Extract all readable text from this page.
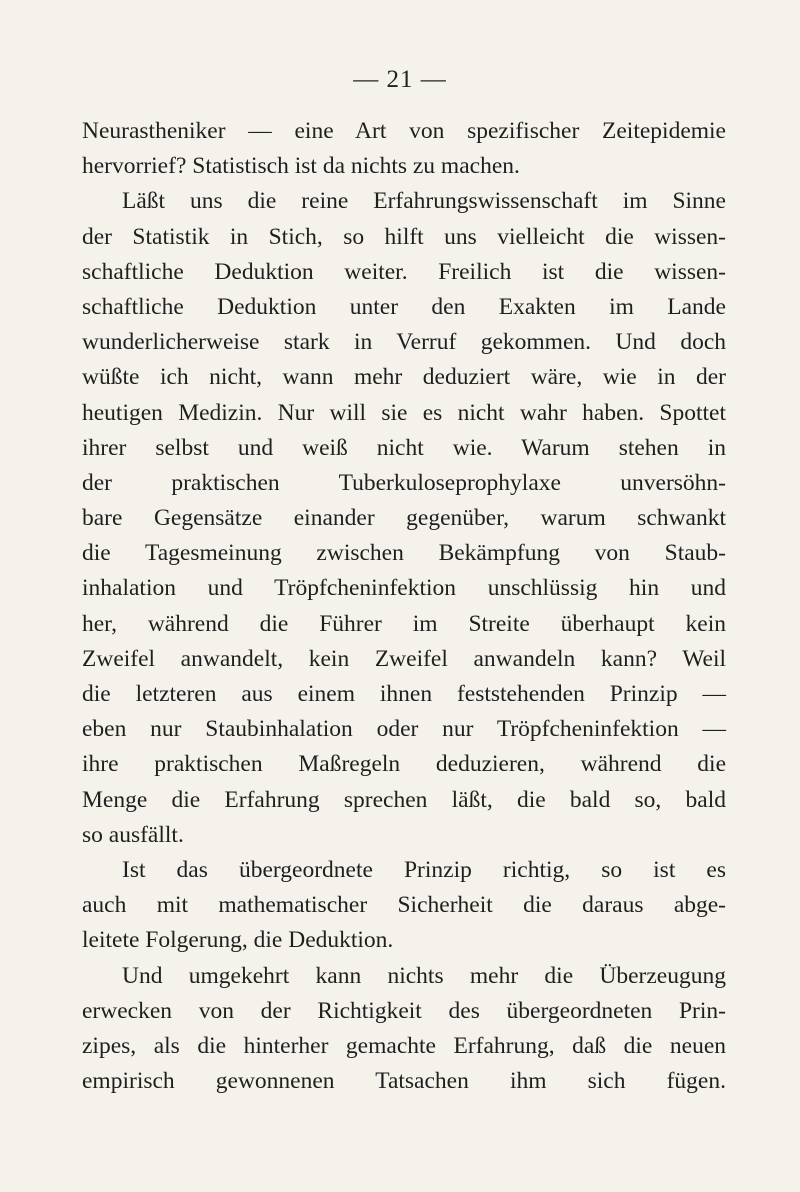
— 21 —
Neurastheniker — eine Art von spezifischer Zeitepidemie
hervorrief? Statistisch ist da nichts zu machen.
Läßt uns die reine Erfahrungswissenschaft im Sinne
der Statistik in Stich, so hilft uns vielleicht die wissen-
schaftliche Deduktion weiter. Freilich ist die wissen-
schaftliche Deduktion unter den Exakten im Lande
wunderlicherweise stark in Verruf gekommen. Und doch
wüßte ich nicht, wann mehr deduziert wäre, wie in der
heutigen Medizin. Nur will sie es nicht wahr haben. Spottet
ihrer selbst und weiß nicht wie. Warum stehen in
der praktischen Tuberkuloseprophylaxe unversöhn-
bare Gegensätze einander gegenüber, warum schwankt
die Tagesmeinung zwischen Bekämpfung von Staub-
inhalation und Tröpfcheninfektion unschlüssig hin und
her, während die Führer im Streite überhaupt kein
Zweifel anwandelt, kein Zweifel anwandeln kann? Weil
die letzteren aus einem ihnen feststehenden Prinzip —
eben nur Staubinhalation oder nur Tröpfcheninfektion —
ihre praktischen Maßregeln deduzieren, während die
Menge die Erfahrung sprechen läßt, die bald so, bald
so ausfällt.
Ist das übergeordnete Prinzip richtig, so ist es
auch mit mathematischer Sicherheit die daraus abge-
leitete Folgerung, die Deduktion.
Und umgekehrt kann nichts mehr die Überzeugung
erwecken von der Richtigkeit des übergeordneten Prin-
zipes, als die hinterher gemachte Erfahrung, daß die neuen
empirisch gewonnenen Tatsachen ihm sich fügen.
